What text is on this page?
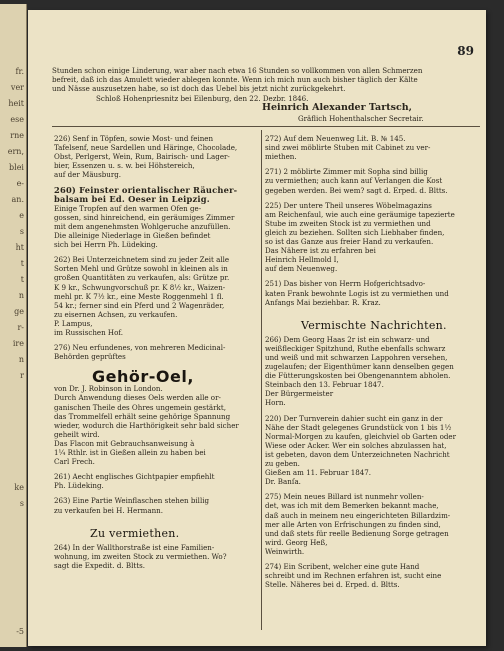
fr.
ver
heit
ese
rne
ern,
blei
e-
an.
e
s
ht
t
t
n
ge
r-
ire
n
r
ke
s
-5
89
Stunden schon einige Linderung, war aber nach etwa 16 Stunden so vollkommen von allen Schmerzen
befreit, daß ich das Amulett wieder ablegen konnte. Wenn ich mich nun auch bisher täglich der Kälte
und Nässe auszusetzen habe, so ist doch das Uebel bis jetzt nicht zurückgekehrt.
Schloß Hohenpriesnitz bei Eilenburg, den 22. Dezbr. 1846.
Heinrich Alexander Tartsch,
Gräflich Hohenthalscher Secretair.
226) Senf in Töpfen, sowie Most- und feinen
Tafelsenf, neue Sardellen und Häringe, Chocolade,
Obst, Perlgerst, Wein, Rum, Bairisch- und Lager-
bier, Essenzen u. s. w. bei Höhstereich,
auf der Mäusburg.
260) Feinster orientalischer Räucher-
balsam bei Ed. Oeser in Leipzig.
Einige Tropfen auf den warmen Ofen ge-
gossen, sind hinreichend, ein geräumiges Zimmer
mit dem angenehmsten Wohlgeruche anzufüllen.
Die alleinige Niederlage in Gießen befindet
sich bei Herrn Ph. Lüdeking.
262) Bei Unterzeichnetem sind zu jeder Zeit alle
Sorten Mehl und Grütze sowohl in kleinen als in
großen Quantitäten zu verkaufen, als: Grütze pr.
K 9 kr., Schwungvorschuß pr. K 8½ kr., Waizen-
mehl pr. K 7½ kr., eine Meste Roggenmehl 1 fl.
54 kr.; ferner sind ein Pferd und 2 Wagenräder,
zu eisernen Achsen, zu verkaufen.
P. Lampus,
im Russischen Hof.
276) Neu erfundenes, von mehreren Medicinal-
Behörden geprüftes
Gehör-Oel,
von Dr. J. Robinson in London.
Durch Anwendung dieses Oels werden alle or-
ganischen Theile des Ohres ungemein gestärkt,
das Trommelfell erhält seine gehörige Spannung
wieder, wodurch die Harthörigkeit sehr bald sicher
geheilt wird.
Das Flacon mit Gebrauchsanweisung à
1¼ Rthlr. ist in Gießen allein zu haben bei
Carl Frech.
261) Aecht englisches Gichtpapier empfiehlt
Ph. Lüdeking.
263) Eine Partie Weinflaschen stehen billig
zu verkaufen bei H. Hermann.
Zu vermiethen.
264) In der Wallthorstraße ist eine Familien-
wohnung, im zweiten Stock zu vermiethen. Wo?
sagt die Expedit. d. Bltts.
272) Auf dem Neuenweg Lit. B. № 145.
sind zwei möblirte Stuben mit Cabinet zu ver-
miethen.
271) 2 möblirte Zimmer mit Sopha sind billig
zu vermiethen; auch kann auf Verlangen die Kost
gegeben werden. Bei wem? sagt d. Erped. d. Bltts.
225) Der untere Theil unseres Wöbelmagazins
am Reichenfaul, wie auch eine geräumige tapezierte
Stube im zweiten Stock ist zu vermiethen und
gleich zu beziehen. Sollten sich Liebhaber finden,
so ist das Ganze aus freier Hand zu verkaufen.
Das Nähere ist zu erfahren bei
Heinrich Hellmold I,
auf dem Neuenweg.
251) Das bisher von Herrn Hofgerichtsadvo-
katen Frank bewohnte Logis ist zu vermiethen und
Anfangs Mai beziehbar. R. Kraz.
Vermischte Nachrichten.
266) Dem Georg Haas 2r ist ein schwarz- und
weißfleckiger Spitzhund, Ruthe ebenfalls schwarz
und weiß und mit schwarzen Lappohren versehen,
zugelaufen; der Eigenthümer kann denselben gegen
die Fütterungskosten bei Obengenanntem abholen.
Steinbach den 13. Februar 1847.
Der Bürgermeister
Horn.
220) Der Turnverein dahier sucht ein ganz in der
Nähe der Stadt gelegenes Grundstück von 1 bis 1½
Normal-Morgen zu kaufen, gleichviel ob Garten oder
Wiese oder Acker. Wer ein solches abzulassen hat,
ist gebeten, davon dem Unterzeichneten Nachricht
zu geben.
Gießen am 11. Februar 1847.
Dr. Banſa.
275) Mein neues Billard ist nunmehr vollen-
det, was ich mit dem Bemerken bekannt mache,
daß auch in meinem neu eingerichteten Billardzim-
mer alle Arten von Erfrischungen zu finden sind,
und daß stets für reelle Bedienung Sorge getragen
wird. Georg Heß,
Weinwirth.
274) Ein Scribent, welcher eine gute Hand
schreibt und im Rechnen erfahren ist, sucht eine
Stelle. Näheres bei d. Erped. d. Bltts.
